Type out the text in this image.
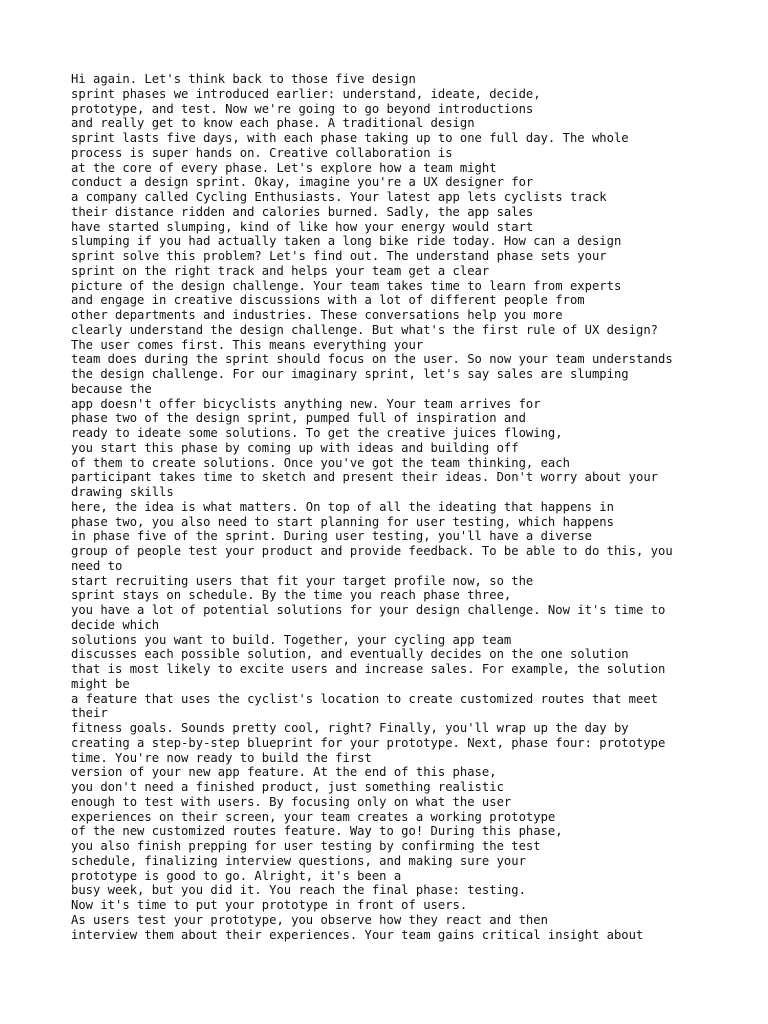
Hi again. Let's think back to those five design
sprint phases we introduced earlier: understand, ideate, decide,
prototype, and test. Now we're going to go beyond introductions
and really get to know each phase. A traditional design
sprint lasts five days, with each phase taking up to one full day. The whole
process is super hands on. Creative collaboration is
at the core of every phase. Let's explore how a team might
conduct a design sprint. Okay, imagine you're a UX designer for
a company called Cycling Enthusiasts. Your latest app lets cyclists track
their distance ridden and calories burned. Sadly, the app sales
have started slumping, kind of like how your energy would start
slumping if you had actually taken a long bike ride today. How can a design
sprint solve this problem? Let's find out. The understand phase sets your
sprint on the right track and helps your team get a clear
picture of the design challenge. Your team takes time to learn from experts
and engage in creative discussions with a lot of different people from
other departments and industries. These conversations help you more
clearly understand the design challenge. But what's the first rule of UX design?
The user comes first. This means everything your
team does during the sprint should focus on the user. So now your team understands
the design challenge. For our imaginary sprint, let's say sales are slumping
because the
app doesn't offer bicyclists anything new. Your team arrives for
phase two of the design sprint, pumped full of inspiration and
ready to ideate some solutions. To get the creative juices flowing,
you start this phase by coming up with ideas and building off
of them to create solutions. Once you've got the team thinking, each
participant takes time to sketch and present their ideas. Don't worry about your
drawing skills
here, the idea is what matters. On top of all the ideating that happens in
phase two, you also need to start planning for user testing, which happens
in phase five of the sprint. During user testing, you'll have a diverse
group of people test your product and provide feedback. To be able to do this, you
need to
start recruiting users that fit your target profile now, so the
sprint stays on schedule. By the time you reach phase three,
you have a lot of potential solutions for your design challenge. Now it's time to
decide which
solutions you want to build. Together, your cycling app team
discusses each possible solution, and eventually decides on the one solution
that is most likely to excite users and increase sales. For example, the solution
might be
a feature that uses the cyclist's location to create customized routes that meet
their
fitness goals. Sounds pretty cool, right? Finally, you'll wrap up the day by
creating a step-by-step blueprint for your prototype. Next, phase four: prototype
time. You're now ready to build the first
version of your new app feature. At the end of this phase,
you don't need a finished product, just something realistic
enough to test with users. By focusing only on what the user
experiences on their screen, your team creates a working prototype
of the new customized routes feature. Way to go! During this phase,
you also finish prepping for user testing by confirming the test
schedule, finalizing interview questions, and making sure your
prototype is good to go. Alright, it's been a
busy week, but you did it. You reach the final phase: testing.
Now it's time to put your prototype in front of users.
As users test your prototype, you observe how they react and then
interview them about their experiences. Your team gains critical insight about
